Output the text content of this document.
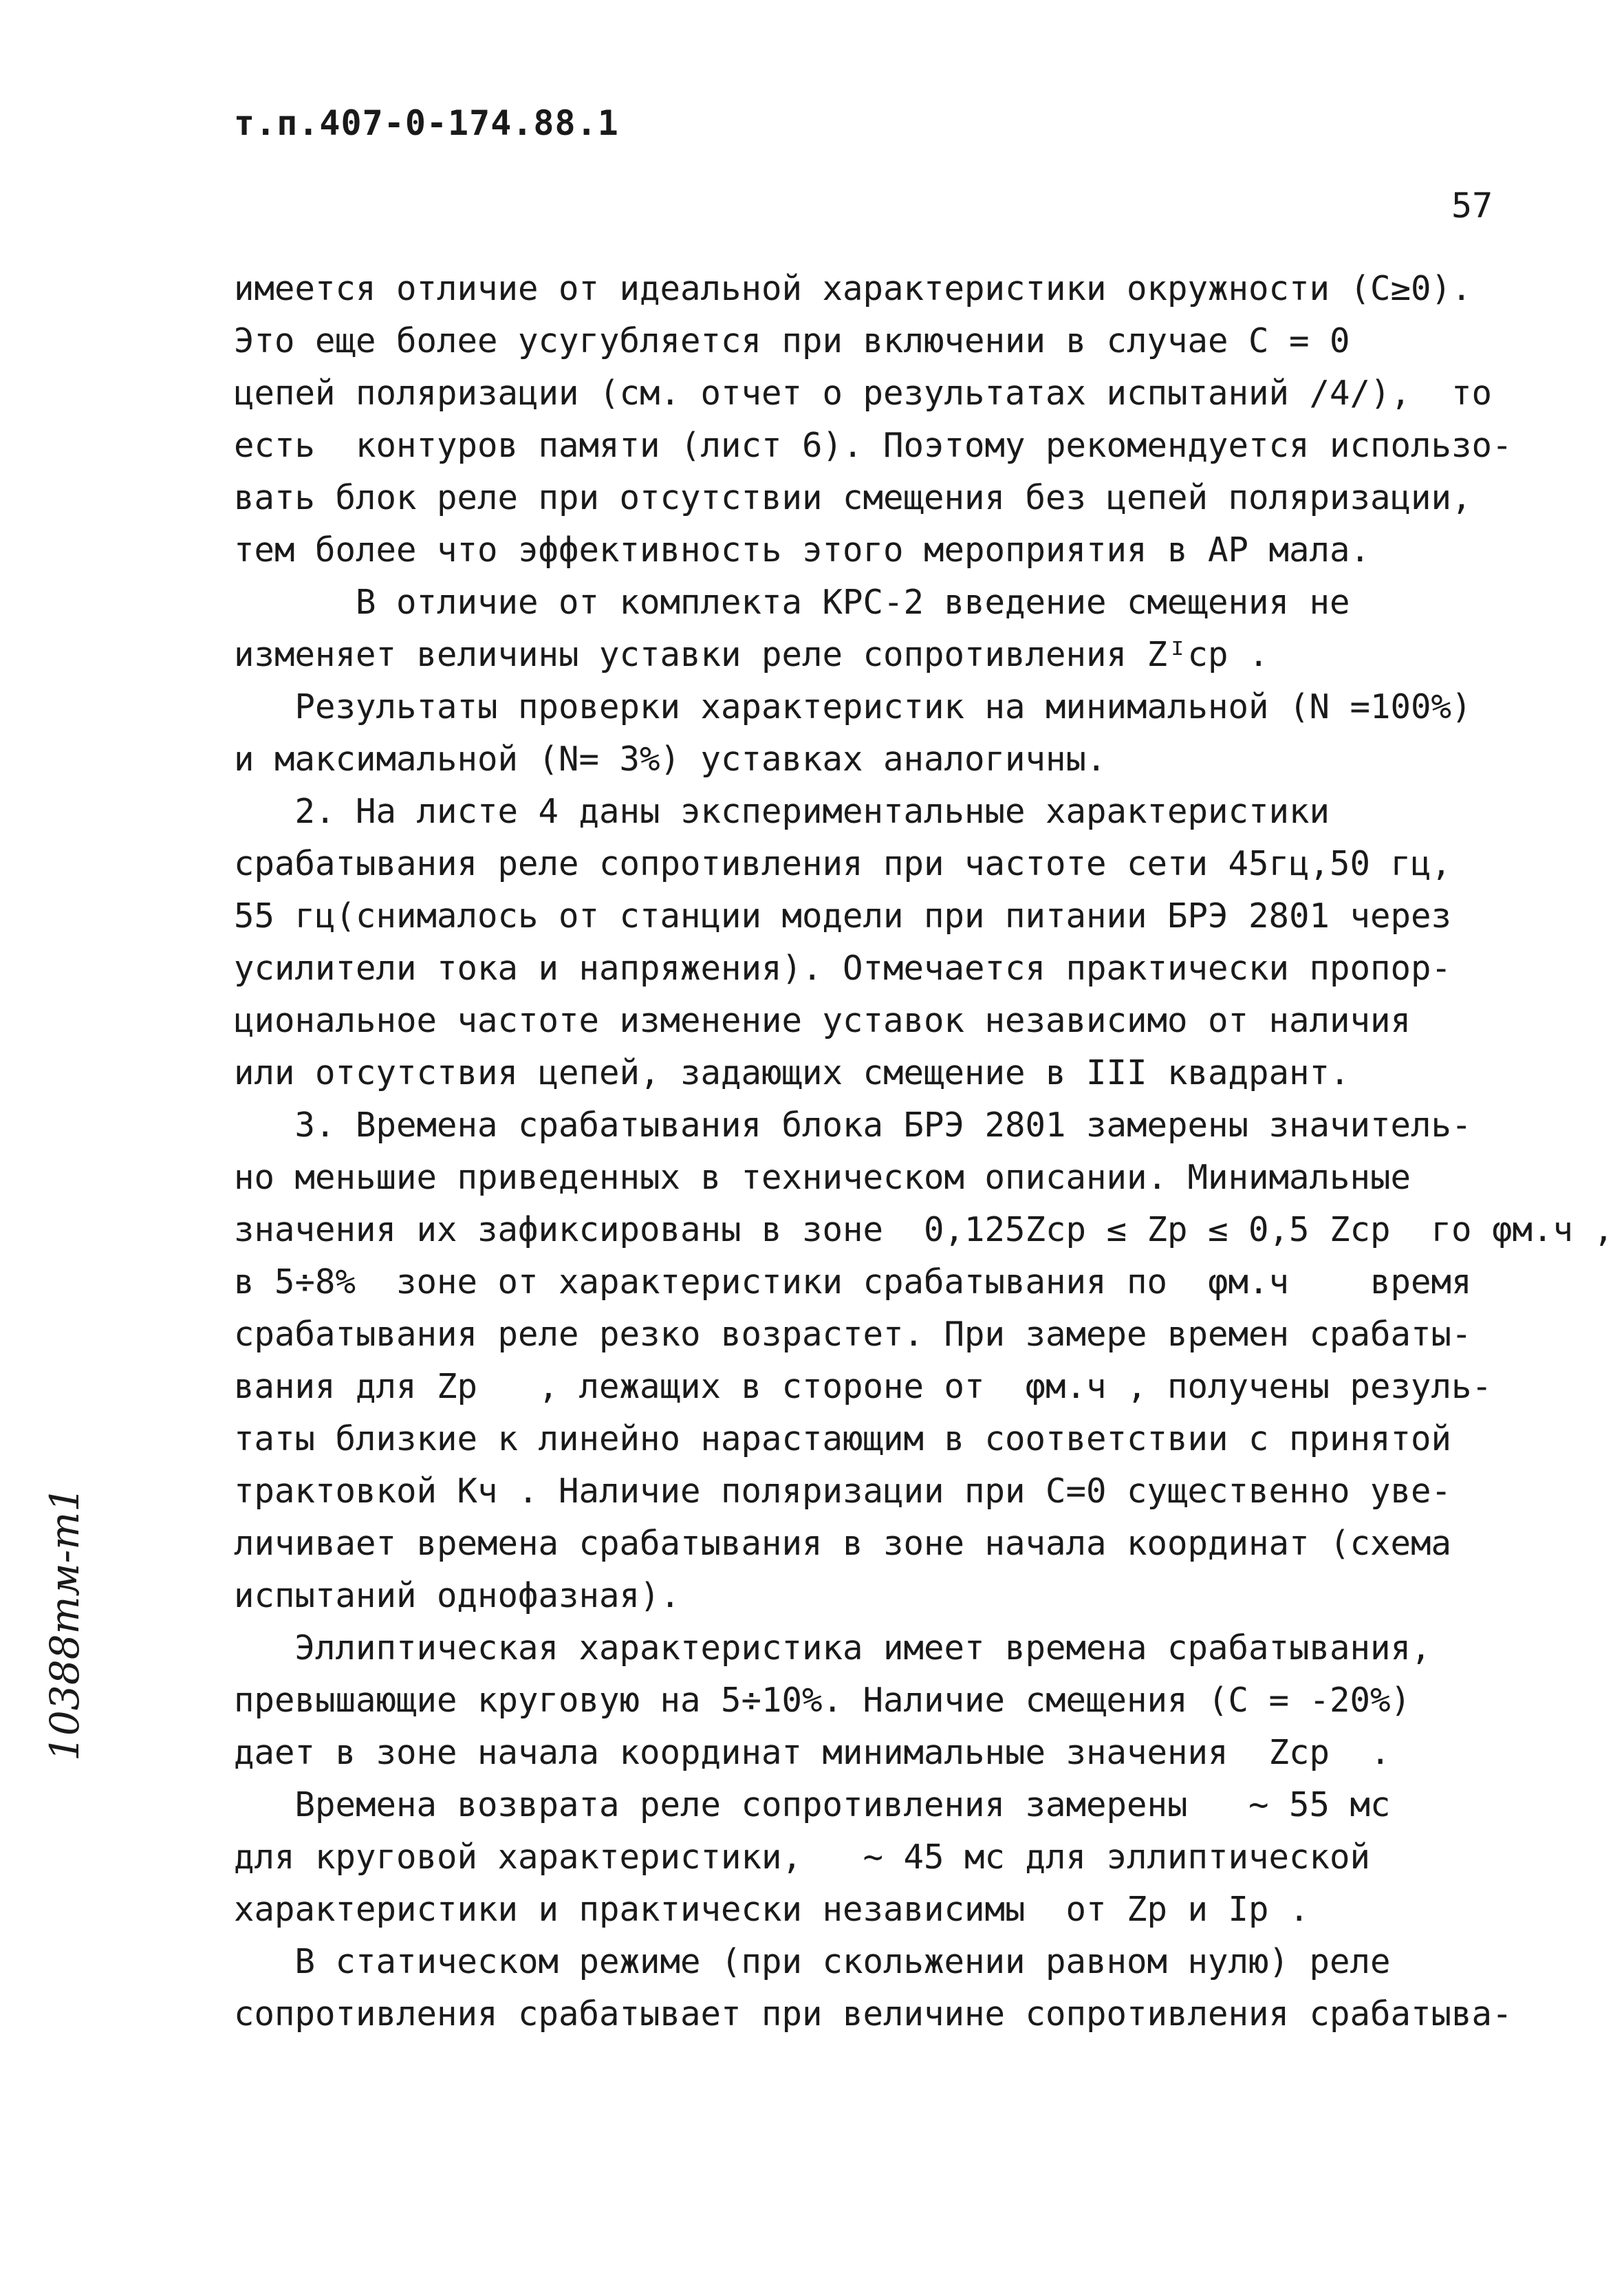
т.п.407-0-174.88.1
57
имеется отличие от идеальной характеристики окружности (С≥0).
Это еще более усугубляется при включении в случае С = 0
цепей поляризации (см. отчет о результатах испытаний /4/),  то
есть  контуров памяти (лист 6). Поэтому рекомендуется использо-
вать блок реле при отсутствии смещения без цепей поляризации,
тем более что эффективность этого мероприятия в АР мала.
В отличие от комплекта КРС-2 введение смещения не
изменяет величины уставки реле сопротивления Zᴵср .
Результаты проверки характеристик на минимальной (N =100%)
и максимальной (N= 3%) уставках аналогичны.
2. На листе 4 даны экспериментальные характеристики
срабатывания реле сопротивления при частоте сети 45гц,50 гц,
55 гц(снималось от станции модели при питании БРЭ 2801 через
усилители тока и напряжения). Отмечается практически пропор-
циональное частоте изменение уставок независимо от наличия
или отсутствия цепей, задающих смещение в III квадрант.
3. Времена срабатывания блока БРЭ 2801 замерены значитель-
но меньшие приведенных в техническом описании. Минимальные
значения их зафиксированы в зоне  0,125Zср ≤ Zр ≤ 0,5 Zср  го φм.ч ,
в 5÷8%  зоне от характеристики срабатывания по  φм.ч    время
срабатывания реле резко возрастет. При замере времен срабаты-
вания для Zр   , лежащих в стороне от  φм.ч , получены резуль-
таты близкие к линейно нарастающим в соответствии с принятой
трактовкой Кч . Наличие поляризации при С=0 существенно уве-
личивает времена срабатывания в зоне начала координат (схема
испытаний однофазная).
Эллиптическая характеристика имеет времена срабатывания,
превышающие круговую на 5÷10%. Наличие смещения (С = -20%)
дает в зоне начала координат минимальные значения  Zср  .
Времена возврата реле сопротивления замерены   ∼ 55 мс
для круговой характеристики,   ∼ 45 мс для эллиптической
характеристики и практически независимы  от Zр и Iр .
В статическом режиме (при скольжении равном нулю) реле
сопротивления срабатывает при величине сопротивления срабатыва-
10388тм-т1
